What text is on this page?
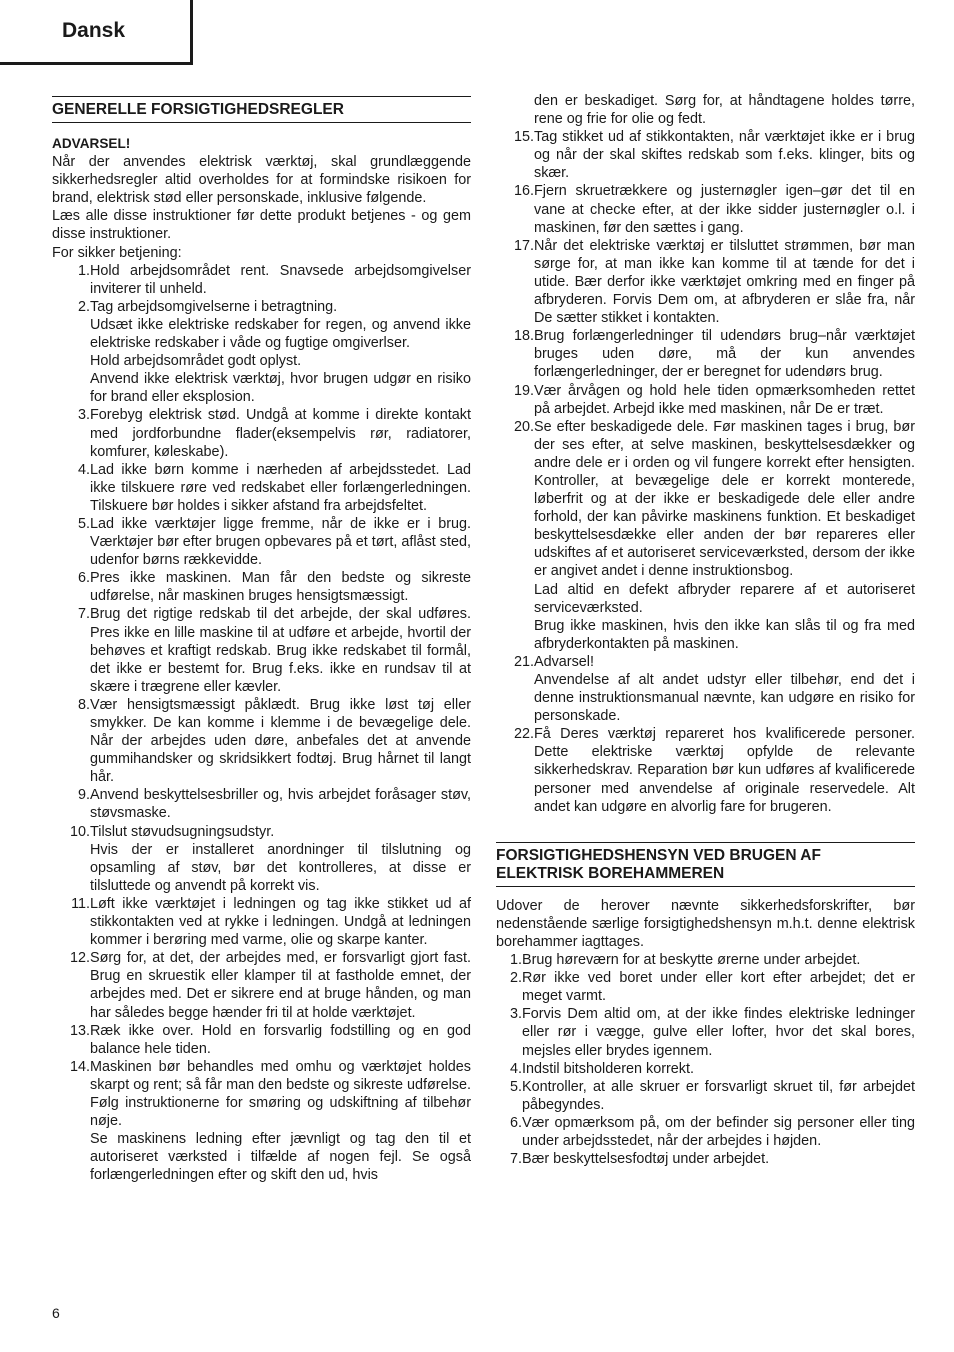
Dansk
GENERELLE FORSIGTIGHEDSREGLER
ADVARSEL!

Når der anvendes elektrisk værktøj, skal grundlæggende sikkerhedsregler altid overholdes for at formindske risikoen for brand, elektrisk stød eller personskade, inklusive følgende.

Læs alle disse instruktioner før dette produkt betjenes - og gem disse instruktioner.

For sikker betjening:

1. Hold arbejdsområdet rent. Snavsede arbejdsomgivelser inviterer til unheld.

2. Tag arbejdsomgivelserne i betragtning.

Udsæt ikke elektriske redskaber for regen, og anvend ikke elektriske redskaber i våde og fugtige omgiverlser.

Hold arbejdsområdet godt oplyst.

Anvend ikke elektrisk værktøj, hvor brugen udgør en risiko for brand eller eksplosion.

3. Forebyg elektrisk stød. Undgå at komme i direkte kontakt med jordforbundne flader(eksempelvis rør, radiatorer, komfurer, køleskabe).

4. Lad ikke børn komme i nærheden af arbejdsstedet. Lad ikke tilskuere røre ved redskabet eller forlængerledningen. Tilskuere bør holdes i sikker afstand fra arbejdsfeltet.

5. Lad ikke værktøjer ligge fremme, når de ikke er i brug. Værktøjer bør efter brugen opbevares på et tørt, aflåst sted, udenfor børns rækkevidde.

6. Pres ikke maskinen. Man får den bedste og sikreste udførelse, når maskinen bruges hensigtsmæssigt.

7. Brug det rigtige redskab til det arbejde, der skal udføres. Pres ikke en lille maskine til at udføre et arbejde, hvortil der behøves et kraftigt redskab. Brug ikke redskabet til formål, det ikke er bestemt for. Brug f.eks. ikke en rundsav til at skære i trægrene eller kævler.

8. Vær hensigtsmæssigt påklædt. Brug ikke løst tøj eller smykker. De kan komme i klemme i de bevægelige dele. Når der arbejdes uden døre, anbefales det at anvende gummihandsker og skridsikkert fodtøj. Brug hårnet til langt hår.

9. Anvend beskyttelsesbriller og, hvis arbejdet foråsager støv, støvsmaske.

10. Tilslut støvudsugningsudstyr.

Hvis der er installeret anordninger til tilslutning og opsamling af støv, bør det kontrolleres, at disse er tilsluttede og anvendt på korrekt vis.

11. Løft ikke værktøjet i ledningen og tag ikke stikket ud af stikkontakten ved at rykke i ledningen. Undgå at ledningen kommer i berøring med varme, olie og skarpe kanter.

12. Sørg for, at det, der arbejdes med, er forsvarligt gjort fast. Brug en skruestik eller klamper til at fastholde emnet, der arbejdes med. Det er sikrere end at bruge hånden, og man har således begge hænder fri til at holde værktøjet.

13. Ræk ikke over. Hold en forsvarlig fodstilling og en god balance hele tiden.

14. Maskinen bør behandles med omhu og værktøjet holdes skarpt og rent; så får man den bedste og sikreste udførelse. Følg instruktionerne for smøring og udskiftning af tilbehør nøje.

Se maskinens ledning efter jævnligt og tag den til et autoriseret værksted i tilfælde af nogen fejl. Se også forlængerledningen efter og skift den ud, hvis

den er beskadiget. Sørg for, at håndtagene holdes tørre, rene og frie for olie og fedt.

15. Tag stikket ud af stikkontakten, når værktøjet ikke er i brug og når der skal skiftes redskab som f.eks. klinger, bits og skær.

16. Fjern skruetrækkere og justernøgler igen–gør det til en vane at checke efter, at der ikke sidder justernøgler o.l. i maskinen, før den sættes i gang.

17. Når det elektriske værktøj er tilsluttet strømmen, bør man sørge for, at man ikke kan komme til at tænde for det i utide. Bær derfor ikke værktøjet omkring med en finger på afbryderen. Forvis Dem om, at afbryderen er slåe fra, når De sætter stikket i kontakten.

18. Brug forlængerledninger til udendørs brug–når værktøjet bruges uden døre, må der kun anvendes forlængerledninger, der er beregnet for udendørs brug.

19. Vær årvågen og hold hele tiden opmærksomheden rettet på arbejdet. Arbejd ikke med maskinen, når De er træt.

20. Se efter beskadigede dele. Før maskinen tages i brug, bør der ses efter, at selve maskinen, beskyttelsesdækker og andre dele er i orden og vil fungere korrekt efter hensigten. Kontroller, at bevægelige dele er korrekt monterede, løberfrit og at der ikke er beskadigede dele eller andre forhold, der kan påvirke maskinens funktion. Et beskadiget beskyttelsesdække eller anden der bør repareres eller udskiftes af et autoriseret serviceværksted, dersom der ikke er angivet andet i denne instruktionsbog.

Lad altid en defekt afbryder reparere af et autoriseret serviceværksted.

Brug ikke maskinen, hvis den ikke kan slås til og fra med afbryderkontakten på maskinen.

21. Advarsel!

Anvendelse af alt andet udstyr eller tilbehør, end det i denne instruktionsmanual nævnte, kan udgøre en risiko for personskade.

22. Få Deres værktøj repareret hos kvalificerede personer. Dette elektriske værktøj opfylde de relevante sikkerhedskrav. Reparation bør kun udføres af kvalificerede personer med anvendelse af originale reservedele. Alt andet kan udgøre en alvorlig fare for brugeren.

FORSIGTIGHEDSHENSYN VED BRUGEN AF
ELEKTRISK BOREHAMMEREN

Udover de herover nævnte sikkerhedsforskrifter, bør nedenstående særlige forsigtighedshensyn m.h.t. denne elektrisk borehammer iagttages.

1. Brug høreværn for at beskytte ørerne under arbejdet.

2. Rør ikke ved boret under eller kort efter arbejdet; det er meget varmt.

3. Forvis Dem altid om, at der ikke findes elektriske ledninger eller rør i vægge, gulve eller lofter, hvor det skal bores, mejsles eller brydes igennem.

4. Indstil bitsholderen korrekt.

5. Kontroller, at alle skruer er forsvarligt skruet til, før arbejdet påbegyndes.

6. Vær opmærksom på, om der befinder sig personer eller ting under arbejdsstedet, når der arbejdes i højden.

7. Bær beskyttelsesfodtøj under arbejdet.

6
